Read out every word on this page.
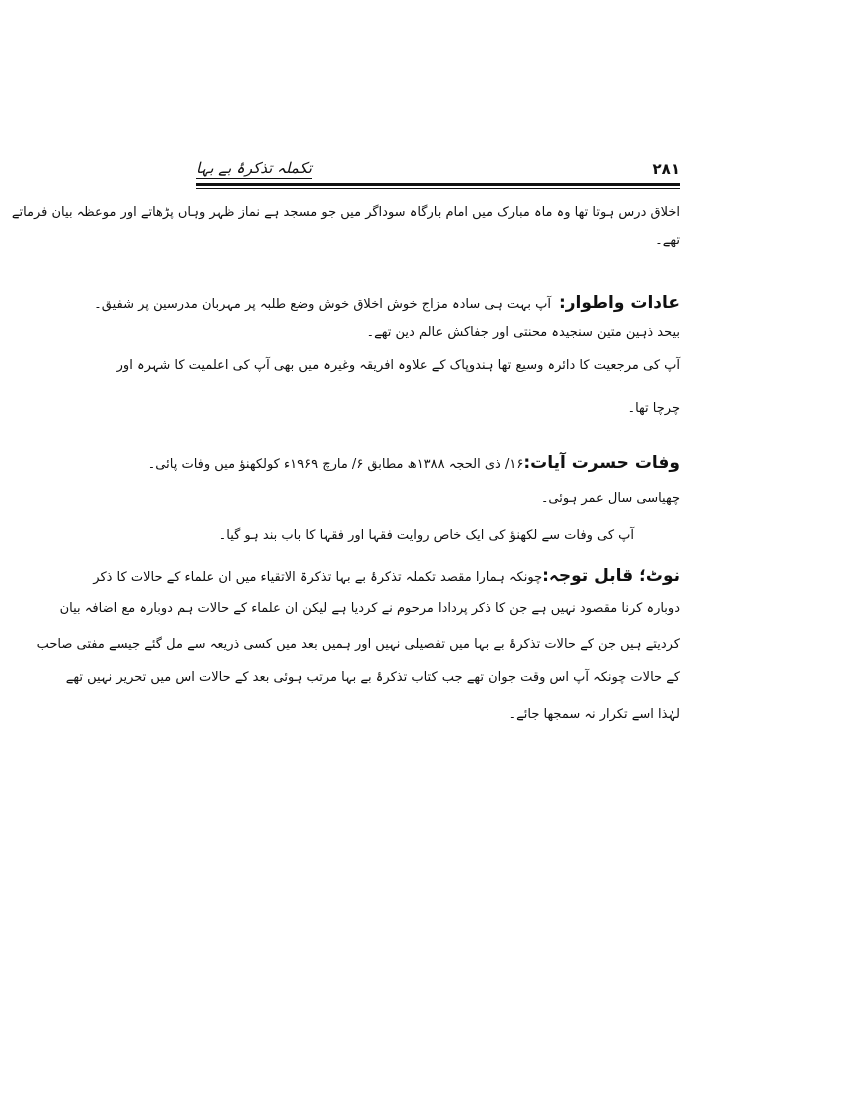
۲۸۱
تکملہ تذکرۂ بے بہا
اخلاق درس ہوتا تھا وہ ماہ مبارک میں امام بارگاہ سوداگر میں جو مسجد ہے نماز ظہر وہاں پڑھاتے اور موعظہ بیان فرماتے
تھے۔
عادات واطوار:آپ بہت ہی سادہ مزاج خوش اخلاق خوش وضع طلبہ پر مہربان مدرسین پر شفیق۔
بیحد ذہین متین سنجیدہ محنتی اور جفاکش عالم دین تھے۔
آپ کی مرجعیت کا دائرہ وسیع تھا ہندوپاک کے علاوہ افریقہ وغیرہ میں بھی آپ کی اعلمیت کا شہرہ اور
چرچا تھا۔
وفات حسرت آیات:۱۶/ ذی الحجہ ۱۳۸۸ھ مطابق ۶/ مارچ ۱۹۶۹ء کولکھنؤ میں وفات پائی۔
چھیاسی سال عمر ہوئی۔
آپ کی وفات سے لکھنؤ کی ایک خاص روایت فقہا اور فقہا کا باب بند ہو گیا۔
نوٹ؛ قابل توجہ:چونکہ ہمارا مقصد تکملہ تذکرۂ بے بہا تذکرۃ الاتقیاء میں ان علماء کے حالات کا ذکر
دوبارہ کرنا مقصود نہیں ہے جن کا ذکر پردادا مرحوم نے کردیا ہے لیکن ان علماء کے حالات ہم دوبارہ مع اضافہ بیان
کردیتے ہیں جن کے حالات تذکرۂ بے بہا میں تفصیلی نہیں اور ہمیں بعد میں کسی ذریعہ سے مل گئے جیسے مفتی صاحب
کے حالات چونکہ آپ اس وقت جوان تھے جب کتاب تذکرۂ بے بہا مرتب ہوئی بعد کے حالات اس میں تحریر نہیں تھے
لہٰذا اسے تکرار نہ سمجھا جائے۔
